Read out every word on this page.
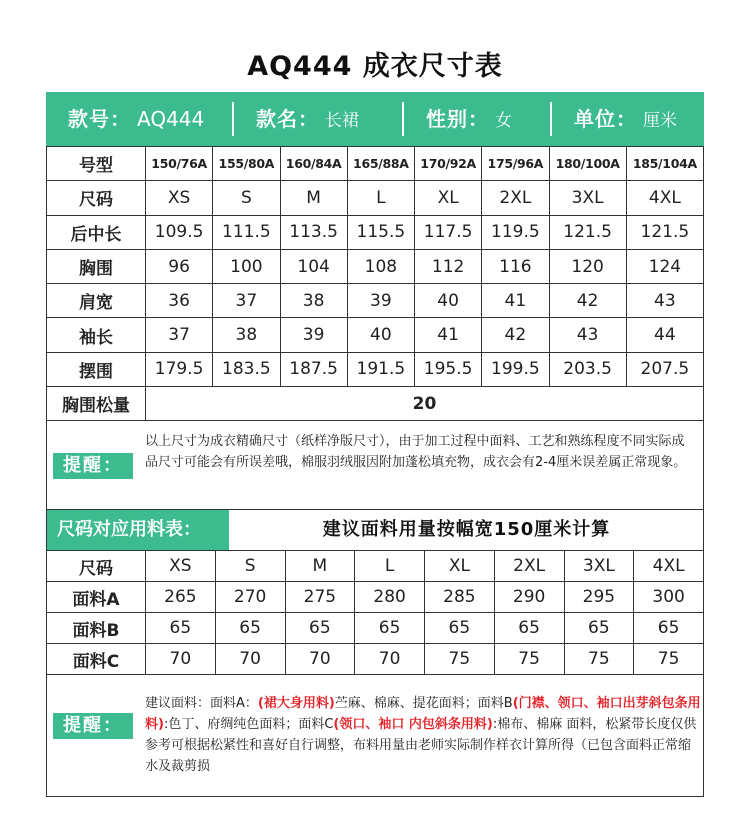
AQ444 成衣尺寸表
款号： AQ444	款名： 长裙	性别： 女	单位： 厘米
号型	150/76A	155/80A	160/84A	165/88A	170/92A	175/96A	180/100A	185/104A
尺码	XS	S	M	L	XL	2XL	3XL	4XL
后中长	109.5	111.5	113.5	115.5	117.5	119.5	121.5	121.5
胸围	96	100	104	108	112	116	120	124
肩宽	36	37	38	39	40	41	42	43
袖长	37	38	39	40	41	42	43	44
摆围	179.5	183.5	187.5	191.5	195.5	199.5	203.5	207.5
胸围松量	20							
提醒：
以上尺寸为成衣精确尺寸（纸样净版尺寸），由于加工过程中面料、工艺和熟练程度不同实际成品尺寸可能会有所误差哦，棉服羽绒服因附加蓬松填充物，成衣会有2-4厘米误差属正常现象。
尺码对应用料表：	建议面料用量按幅宽150厘米计算
尺码	XS	S	M	L	XL	2XL	3XL	4XL
面料A	265	270	275	280	285	290	295	300
面料B	65	65	65	65	65	65	65	65
面料C	70	70	70	70	75	75	75	75
提醒：
建议面料：面料A：(裙大身用料)苎麻、棉麻、提花面料；面料B(门襟、领口、袖口出芽斜包条用料):色丁、府绸纯色面料；面料C(领口、袖口 内包斜条用料):棉布、棉麻 面料，松紧带长度仅供参考可根据松紧性和喜好自行调整，布料用量由老师实际制作样衣计算所得（已包含面料正常缩水及裁剪损
